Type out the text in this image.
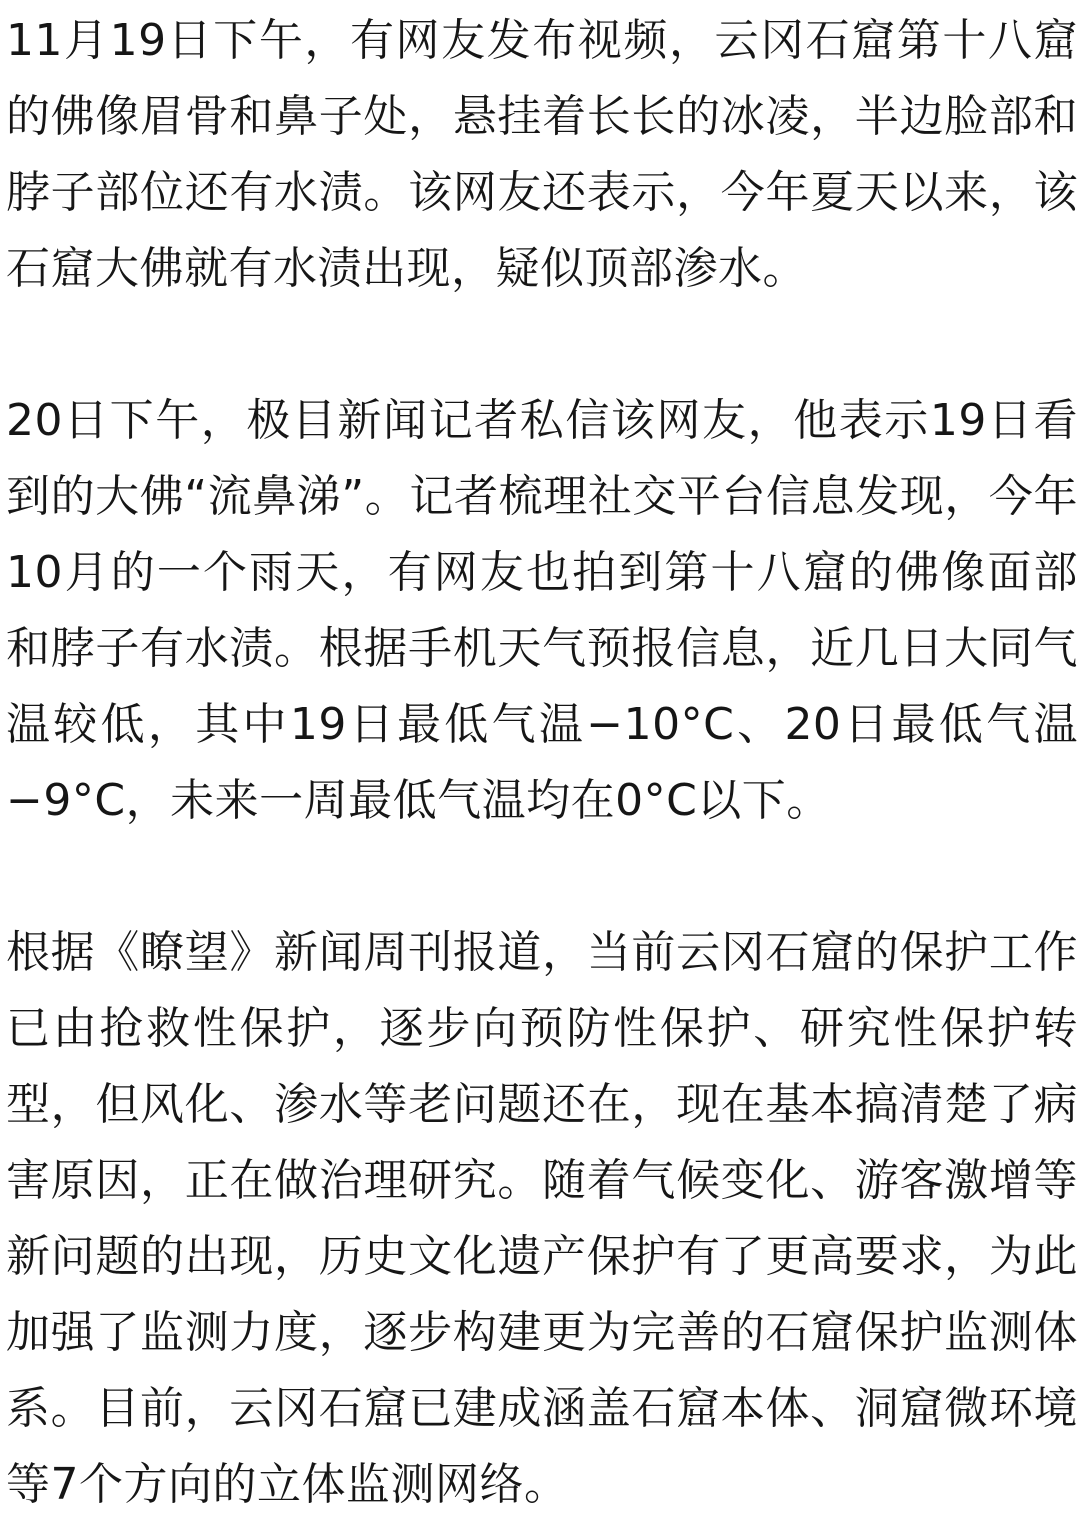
11月19日下午，有网友发布视频，云冈石窟第十八窟的佛像眉骨和鼻子处，悬挂着长长的冰凌，半边脸部和脖子部位还有水渍。该网友还表示，今年夏天以来，该石窟大佛就有水渍出现，疑似顶部渗水。

20日下午，极目新闻记者私信该网友，他表示19日看到的大佛“流鼻涕”。记者梳理社交平台信息发现，今年10月的一个雨天，有网友也拍到第十八窟的佛像面部和脖子有水渍。根据手机天气预报信息，近几日大同气温较低，其中19日最低气温−10°C、20日最低气温−9°C，未来一周最低气温均在0°C以下。

根据《瞭望》新闻周刊报道，当前云冈石窟的保护工作已由抢救性保护，逐步向预防性保护、研究性保护转型，但风化、渗水等老问题还在，现在基本搞清楚了病害原因，正在做治理研究。随着气候变化、游客激增等新问题的出现，历史文化遗产保护有了更高要求，为此加强了监测力度，逐步构建更为完善的石窟保护监测体系。目前，云冈石窟已建成涵盖石窟本体、洞窟微环境等7个方向的立体监测网络。
